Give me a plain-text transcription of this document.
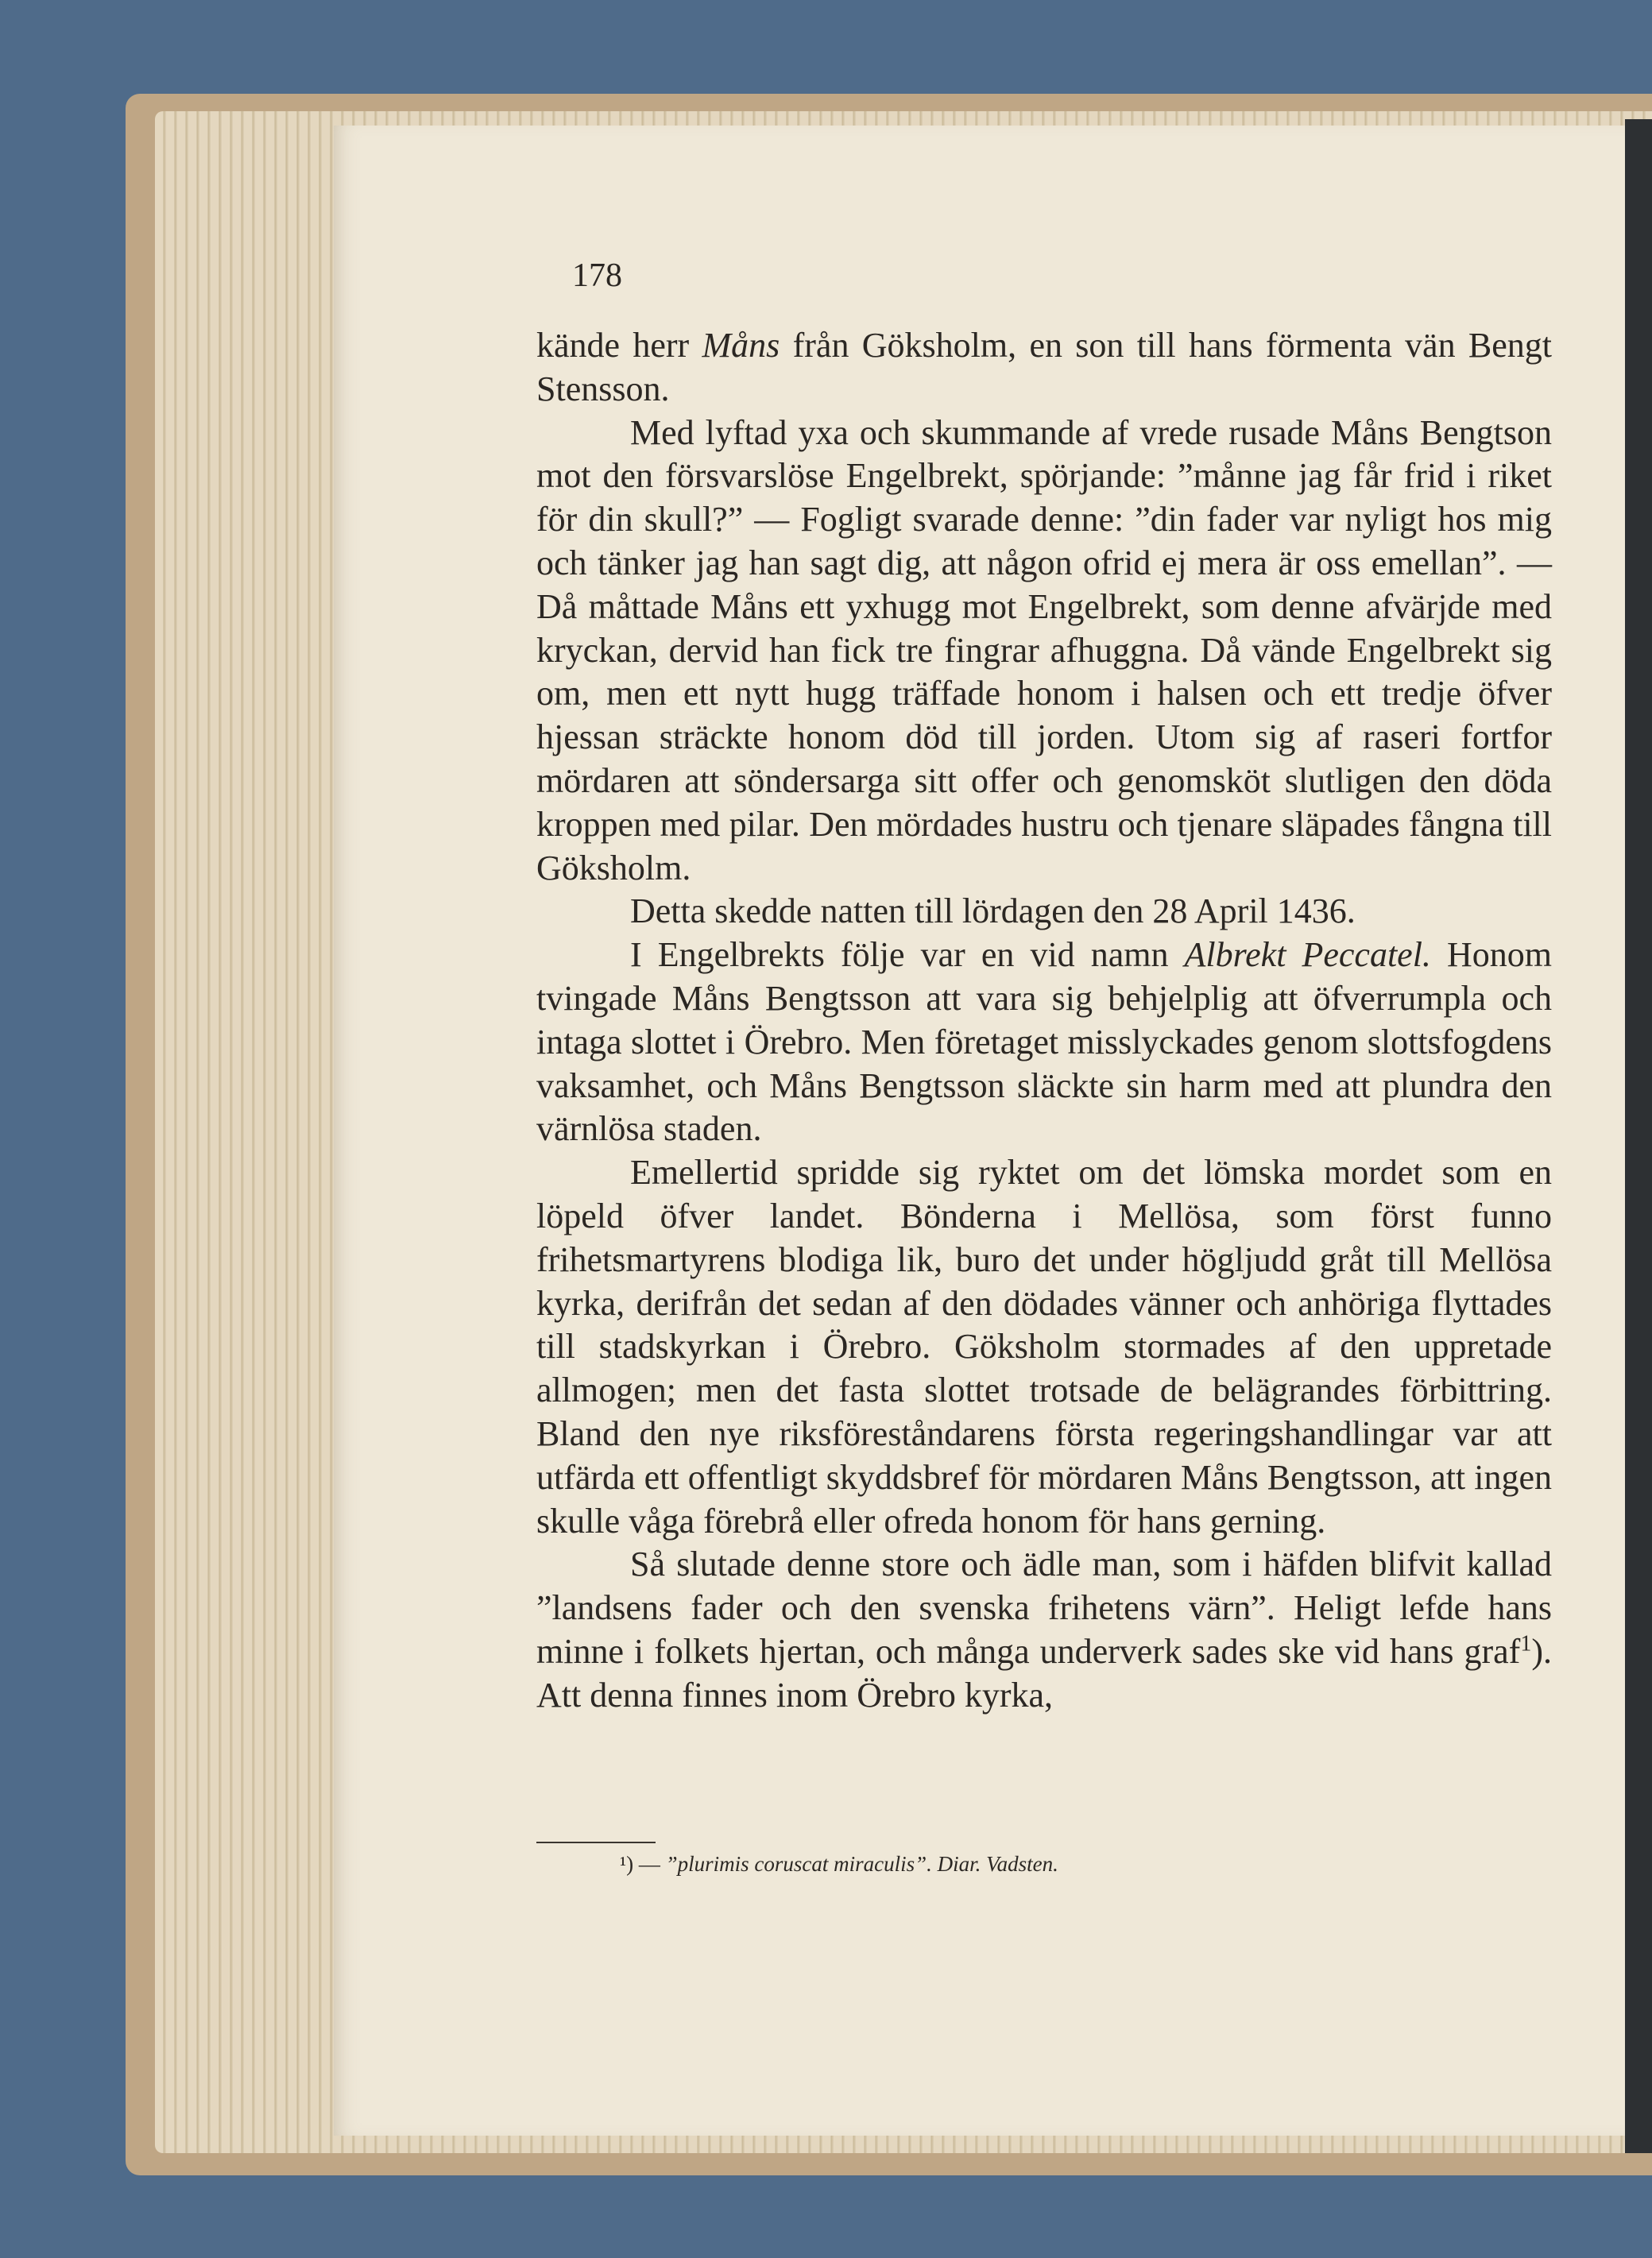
178

kände herr Måns från Göksholm, en son till hans förmenta vän Bengt Stensson.

Med lyftad yxa och skummande af vrede rusade Måns Bengtson mot den försvarslöse Engelbrekt, spörjande: ”månne jag får frid i riket för din skull?” — Fogligt svarade denne: ”din fader var nyligt hos mig och tänker jag han sagt dig, att någon ofrid ej mera är oss emellan”. — Då måttade Måns ett yxhugg mot Engelbrekt, som denne afvärjde med kryckan, dervid han fick tre fingrar afhuggna. Då vände Engelbrekt sig om, men ett nytt hugg träffade honom i halsen och ett tredje öfver hjessan sträckte honom död till jorden. Utom sig af raseri fortfor mördaren att söndersarga sitt offer och genomsköt slutligen den döda kroppen med pilar. Den mördades hustru och tjenare släpades fångna till Göksholm.

Detta skedde natten till lördagen den 28 April 1436.

I Engelbrekts följe var en vid namn Albrekt Peccatel. Honom tvingade Måns Bengtsson att vara sig behjelplig att öfverrumpla och intaga slottet i Örebro. Men företaget misslyckades genom slottsfogdens vaksamhet, och Måns Bengtsson släckte sin harm med att plundra den värnlösa staden.

Emellertid spridde sig ryktet om det lömska mordet som en löpeld öfver landet. Bönderna i Mellösa, som först funno frihetsmartyrens blodiga lik, buro det under högljudd gråt till Mellösa kyrka, derifrån det sedan af den dödades vänner och anhöriga flyttades till stadskyrkan i Örebro. Göksholm stormades af den uppretade allmogen; men det fasta slottet trotsade de belägrandes förbittring. Bland den nye riksföreståndarens första regeringshandlingar var att utfärda ett offentligt skyddsbref för mördaren Måns Bengtsson, att ingen skulle våga förebrå eller ofreda honom för hans gerning.

Så slutade denne store och ädle man, som i häfden blifvit kallad ”landsens fader och den svenska frihetens värn”. Heligt lefde hans minne i folkets hjertan, och många underverk sades ske vid hans graf$^1$). Att denna finnes inom Örebro kyrka,

¹) — ”plurimis coruscat miraculis”. Diar. Vadsten.
